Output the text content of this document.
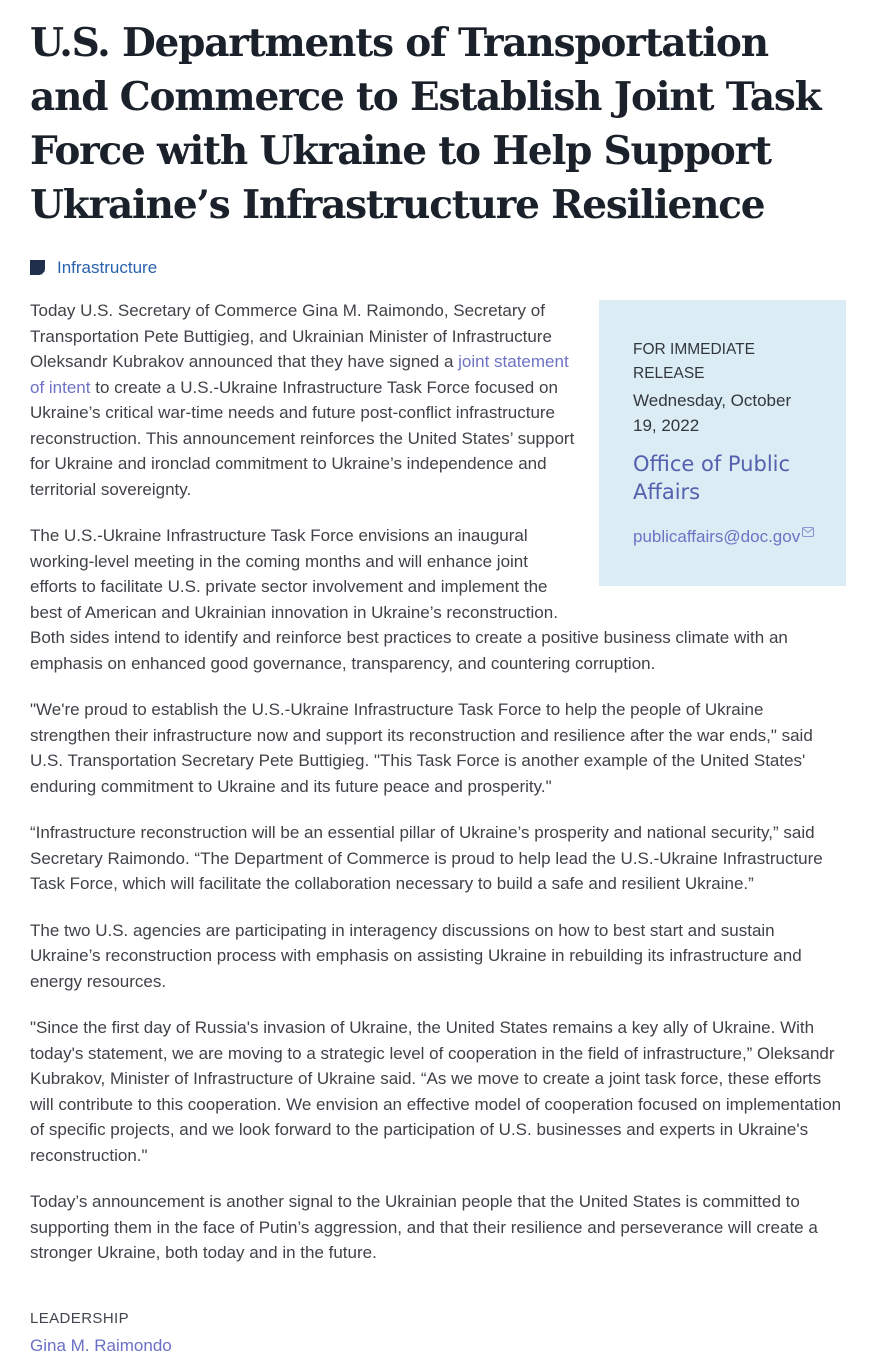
U.S. Departments of Transportation and Commerce to Establish Joint Task Force with Ukraine to Help Support Ukraine’s Infrastructure Resilience
Infrastructure
FOR IMMEDIATE RELEASE
Wednesday, October 19, 2022
Office of Public Affairs
publicaffairs@doc.gov

Today U.S. Secretary of Commerce Gina M. Raimondo, Secretary of Transportation Pete Buttigieg, and Ukrainian Minister of Infrastructure Oleksandr Kubrakov announced that they have signed a joint statement of intent to create a U.S.-Ukraine Infrastructure Task Force focused on Ukraine’s critical war-time needs and future post-conflict infrastructure reconstruction. This announcement reinforces the United States’ support for Ukraine and ironclad commitment to Ukraine’s independence and territorial sovereignty.

The U.S.-Ukraine Infrastructure Task Force envisions an inaugural working-level meeting in the coming months and will enhance joint efforts to facilitate U.S. private sector involvement and implement the best of American and Ukrainian innovation in Ukraine’s reconstruction. Both sides intend to identify and reinforce best practices to create a positive business climate with an emphasis on enhanced good governance, transparency, and countering corruption.

"We're proud to establish the U.S.-Ukraine Infrastructure Task Force to help the people of Ukraine strengthen their infrastructure now and support its reconstruction and resilience after the war ends," said U.S. Transportation Secretary Pete Buttigieg. "This Task Force is another example of the United States' enduring commitment to Ukraine and its future peace and prosperity."

“Infrastructure reconstruction will be an essential pillar of Ukraine’s prosperity and national security,” said Secretary Raimondo. “The Department of Commerce is proud to help lead the U.S.-Ukraine Infrastructure Task Force, which will facilitate the collaboration necessary to build a safe and resilient Ukraine.”

The two U.S. agencies are participating in interagency discussions on how to best start and sustain Ukraine’s reconstruction process with emphasis on assisting Ukraine in rebuilding its infrastructure and energy resources.

"Since the first day of Russia's invasion of Ukraine, the United States remains a key ally of Ukraine. With today's statement, we are moving to a strategic level of cooperation in the field of infrastructure,” Oleksandr Kubrakov, Minister of Infrastructure of Ukraine said. “As we move to create a joint task force, these efforts will contribute to this cooperation. We envision an effective model of cooperation focused on implementation of specific projects, and we look forward to the participation of U.S. businesses and experts in Ukraine's reconstruction."

Today’s announcement is another signal to the Ukrainian people that the United States is committed to supporting them in the face of Putin’s aggression, and that their resilience and perseverance will create a stronger Ukraine, both today and in the future.

LEADERSHIP
Gina M. Raimondo
